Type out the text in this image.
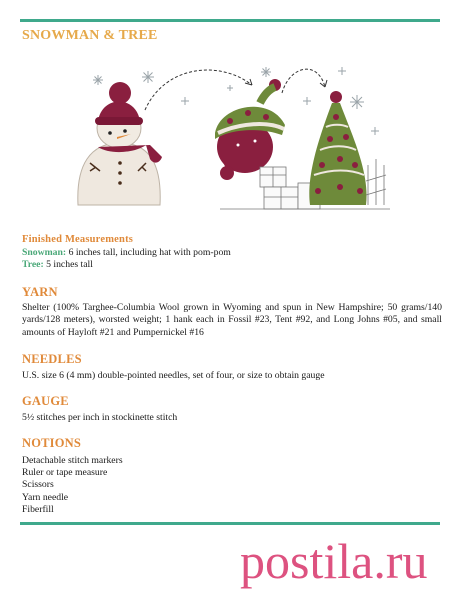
SNOWMAN & TREE
Finished Measurements

Snowman: 6 inches tall, including hat with pom-pom

Tree: 5 inches tall

YARN

Shelter (100% Targhee-Columbia Wool grown in Wyoming and spun in New Hampshire; 50 grams/140 yards/128 meters), worsted weight; 1 hank each in Fossil #23, Tent #92, and Long Johns #05, and small amounts of Hayloft #21 and Pumpernickel #16

NEEDLES

U.S. size 6 (4 mm) double-pointed needles, set of four, or size to obtain gauge

GAUGE

5½ stitches per inch in stockinette stitch

NOTIONS
Detachable stitch markers
Ruler or tape measure
Scissors
Yarn needle
Fiberfill
postila.ru
